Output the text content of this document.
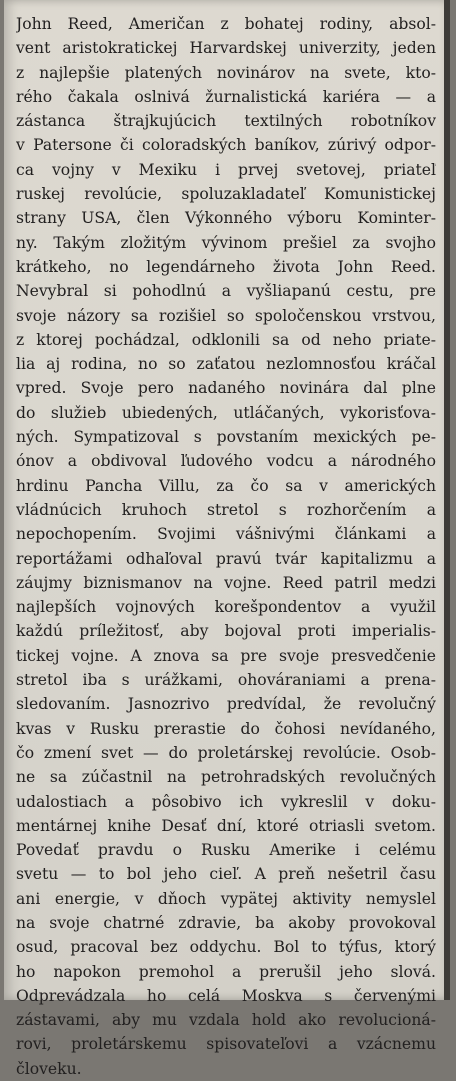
John Reed, Američan z bohatej rodiny, absol-
vent aristokratickej Harvardskej univerzity, jeden
z najlepšie platených novinárov na svete, kto-
rého čakala oslnivá žurnalistická kariéra — a
zástanca štrajkujúcich textilných robotníkov
v Patersone či coloradských baníkov, zúrivý odpor-
ca vojny v Mexiku i prvej svetovej, priateľ
ruskej revolúcie, spoluzakladateľ Komunistickej
strany USA, člen Výkonného výboru Kominter-
ny. Takým zložitým vývinom prešiel za svojho
krátkeho, no legendárneho života John Reed.
Nevybral si pohodlnú a vyšliapanú cestu, pre
svoje názory sa rozišiel so spoločenskou vrstvou,
z ktorej pochádzal, odklonili sa od neho priate-
lia aj rodina, no so zaťatou nezlomnosťou kráčal
vpred. Svoje pero nadaného novinára dal plne
do služieb ubiedených, utláčaných, vykorisťova-
ných. Sympatizoval s povstaním mexických pe-
ónov a obdivoval ľudového vodcu a národného
hrdinu Pancha Villu, za čo sa v amerických
vládnúcich kruhoch stretol s rozhorčením a
nepochopením. Svojimi vášnivými článkami a
reportážami odhaľoval pravú tvár kapitalizmu a
záujmy biznismanov na vojne. Reed patril medzi
najlepších vojnových korešpondentov a využil
každú príležitosť, aby bojoval proti imperialis-
tickej vojne. A znova sa pre svoje presvedčenie
stretol iba s urážkami, ohováraniami a prena-
sledovaním. Jasnozrivo predvídal, že revolučný
kvas v Rusku prerastie do čohosi nevídaného,
čo zmení svet — do proletárskej revolúcie. Osob-
ne sa zúčastnil na petrohradských revolučných
udalostiach a pôsobivo ich vykreslil v doku-
mentárnej knihe Desať dní, ktoré otriasli svetom.
Povedať pravdu o Rusku Amerike i celému
svetu — to bol jeho cieľ. A preň nešetril času
ani energie, v dňoch vypätej aktivity nemyslel
na svoje chatrné zdravie, ba akoby provokoval
osud, pracoval bez oddychu. Bol to týfus, ktorý
ho napokon premohol a prerušil jeho slová.
Odprevádzala ho celá Moskva s červenými
zástavami, aby mu vzdala hold ako revolucioná-
rovi, proletárskemu spisovateľovi a vzácnemu
človeku.
